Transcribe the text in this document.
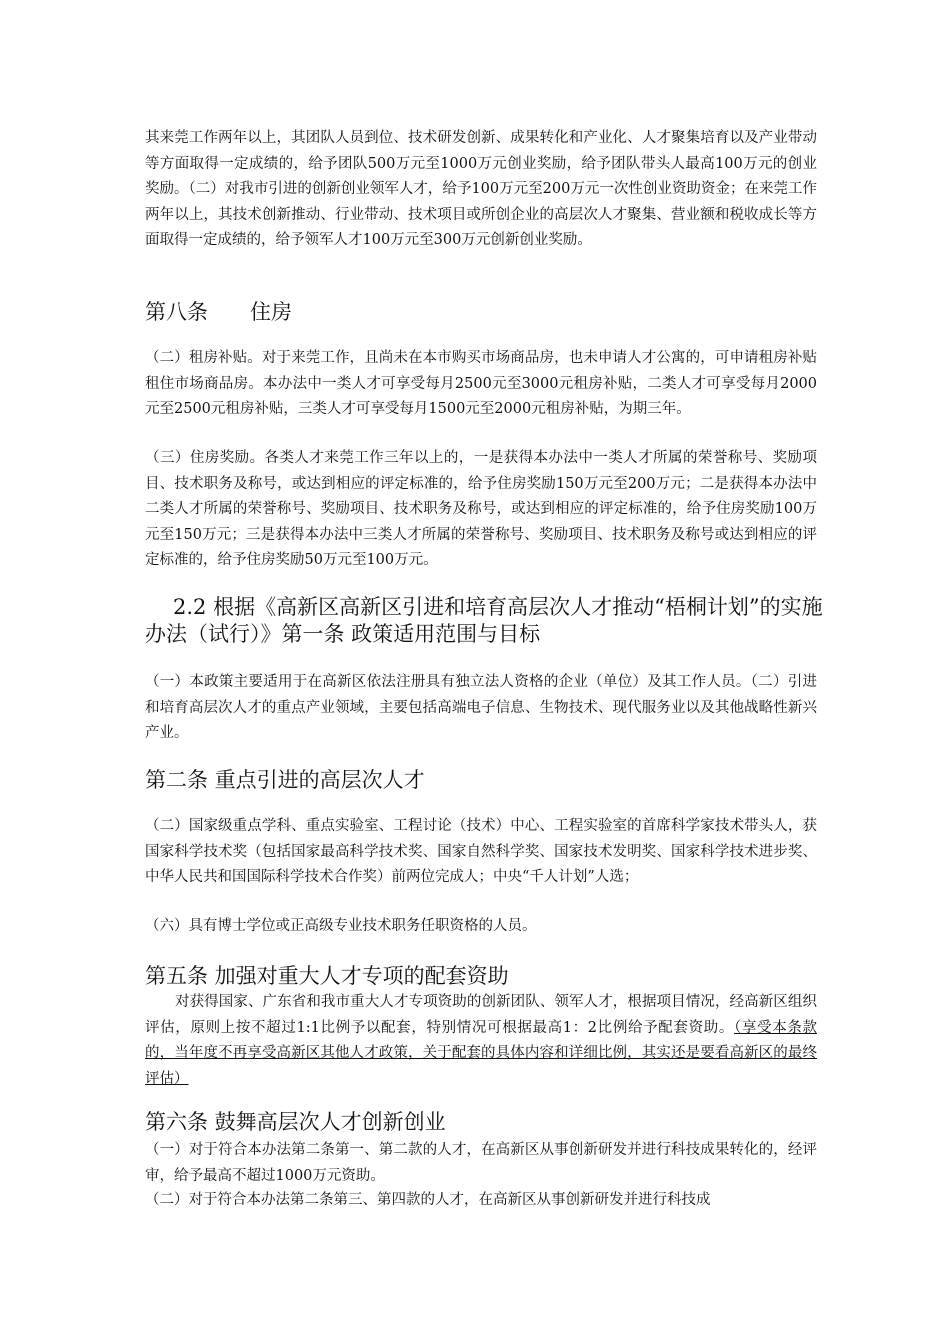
其来莞工作两年以上，其团队人员到位、技术研发创新、成果转化和产业化、人才聚集培育以及产业带动等方面取得一定成绩的，给予团队500万元至1000万元创业奖励，给予团队带头人最高100万元的创业奖励。（二）对我市引进的创新创业领军人才，给予100万元至200万元一次性创业资助资金；在来莞工作两年以上，其技术创新推动、行业带动、技术项目或所创企业的高层次人才聚集、营业额和税收成长等方面取得一定成绩的，给予领军人才100万元至300万元创新创业奖励。

第八条 住房

（二）租房补贴。对于来莞工作，且尚未在本市购买市场商品房，也未申请人才公寓的，可申请租房补贴租住市场商品房。本办法中一类人才可享受每月2500元至3000元租房补贴，二类人才可享受每月2000元至2500元租房补贴，三类人才可享受每月1500元至2000元租房补贴，为期三年。

（三）住房奖励。各类人才来莞工作三年以上的，一是获得本办法中一类人才所属的荣誉称号、奖励项目、技术职务及称号，或达到相应的评定标准的，给予住房奖励150万元至200万元；二是获得本办法中二类人才所属的荣誉称号、奖励项目、技术职务及称号，或达到相应的评定标准的，给予住房奖励100万元至150万元；三是获得本办法中三类人才所属的荣誉称号、奖励项目、技术职务及称号或达到相应的评定标准的，给予住房奖励50万元至100万元。

2.2 根据《高新区高新区引进和培育高层次人才推动“梧桐计划”的实施办法（试行）》第一条 政策适用范围与目标

（一）本政策主要适用于在高新区依法注册具有独立法人资格的企业（单位）及其工作人员。（二）引进和培育高层次人才的重点产业领域，主要包括高端电子信息、生物技术、现代服务业以及其他战略性新兴产业。

第二条 重点引进的高层次人才

（二）国家级重点学科、重点实验室、工程讨论（技术）中心、工程实验室的首席科学家技术带头人，获国家科学技术奖（包括国家最高科学技术奖、国家自然科学奖、国家技术发明奖、国家科学技术进步奖、中华人民共和国国际科学技术合作奖）前两位完成人；中央“千人计划”人选；

（六）具有博士学位或正高级专业技术职务任职资格的人员。

第五条 加强对重大人才专项的配套资助

对获得国家、广东省和我市重大人才专项资助的创新团队、领军人才，根据项目情况，经高新区组织评估，原则上按不超过1:1比例予以配套，特别情况可根据最高1：2比例给予配套资助。（享受本条款的，当年度不再享受高新区其他人才政策，关于配套的具体内容和详细比例，其实还是要看高新区的最终评估）

第六条 鼓舞高层次人才创新创业

（一）对于符合本办法第二条第一、第二款的人才，在高新区从事创新研发并进行科技成果转化的，经评审，给予最高不超过1000万元资助。

（二）对于符合本办法第二条第三、第四款的人才，在高新区从事创新研发并进行科技成
